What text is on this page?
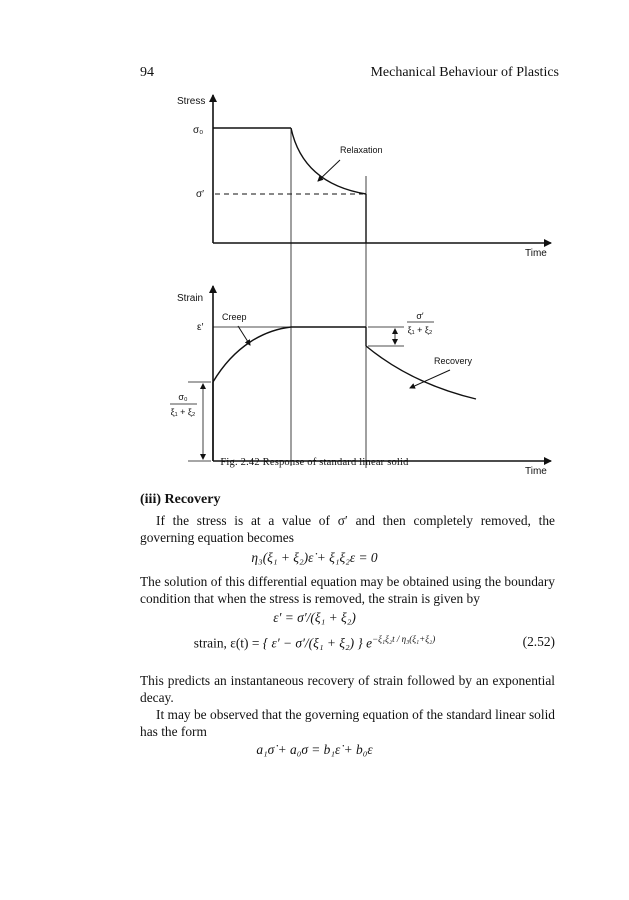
94	Mechanical Behaviour of Plastics
Stress
Time
σ₀
σ′
Relaxation
Strain
Time
ε′
Creep
Recovery
σ′
ξ₁ + ξ₂
σ₀
ξ₁ + ξ₂
Fig. 2.42 Response of standard linear solid
(iii) Recovery

If the stress is at a value of σ′ and then completely removed, the governing equation becomes

η₃(ξ₁ + ξ₂)ε̇ + ξ₁ξ₂ε = 0

The solution of this differential equation may be obtained using the boundary condition that when the stress is removed, the strain is given by

ε′ = σ′/(ξ₁ + ξ₂)
strain, ε(t) = { ε′ − σ′/(ξ₁ + ξ₂) } $e^{-\xi_1\xi_2t / \eta_3(\xi_1+\xi_2)}$	(2.52)

This predicts an instantaneous recovery of strain followed by an exponential decay.

It may be observed that the governing equation of the standard linear solid has the form

a₁σ̇ + a₀σ = b₁ε̇ + b₀ε
